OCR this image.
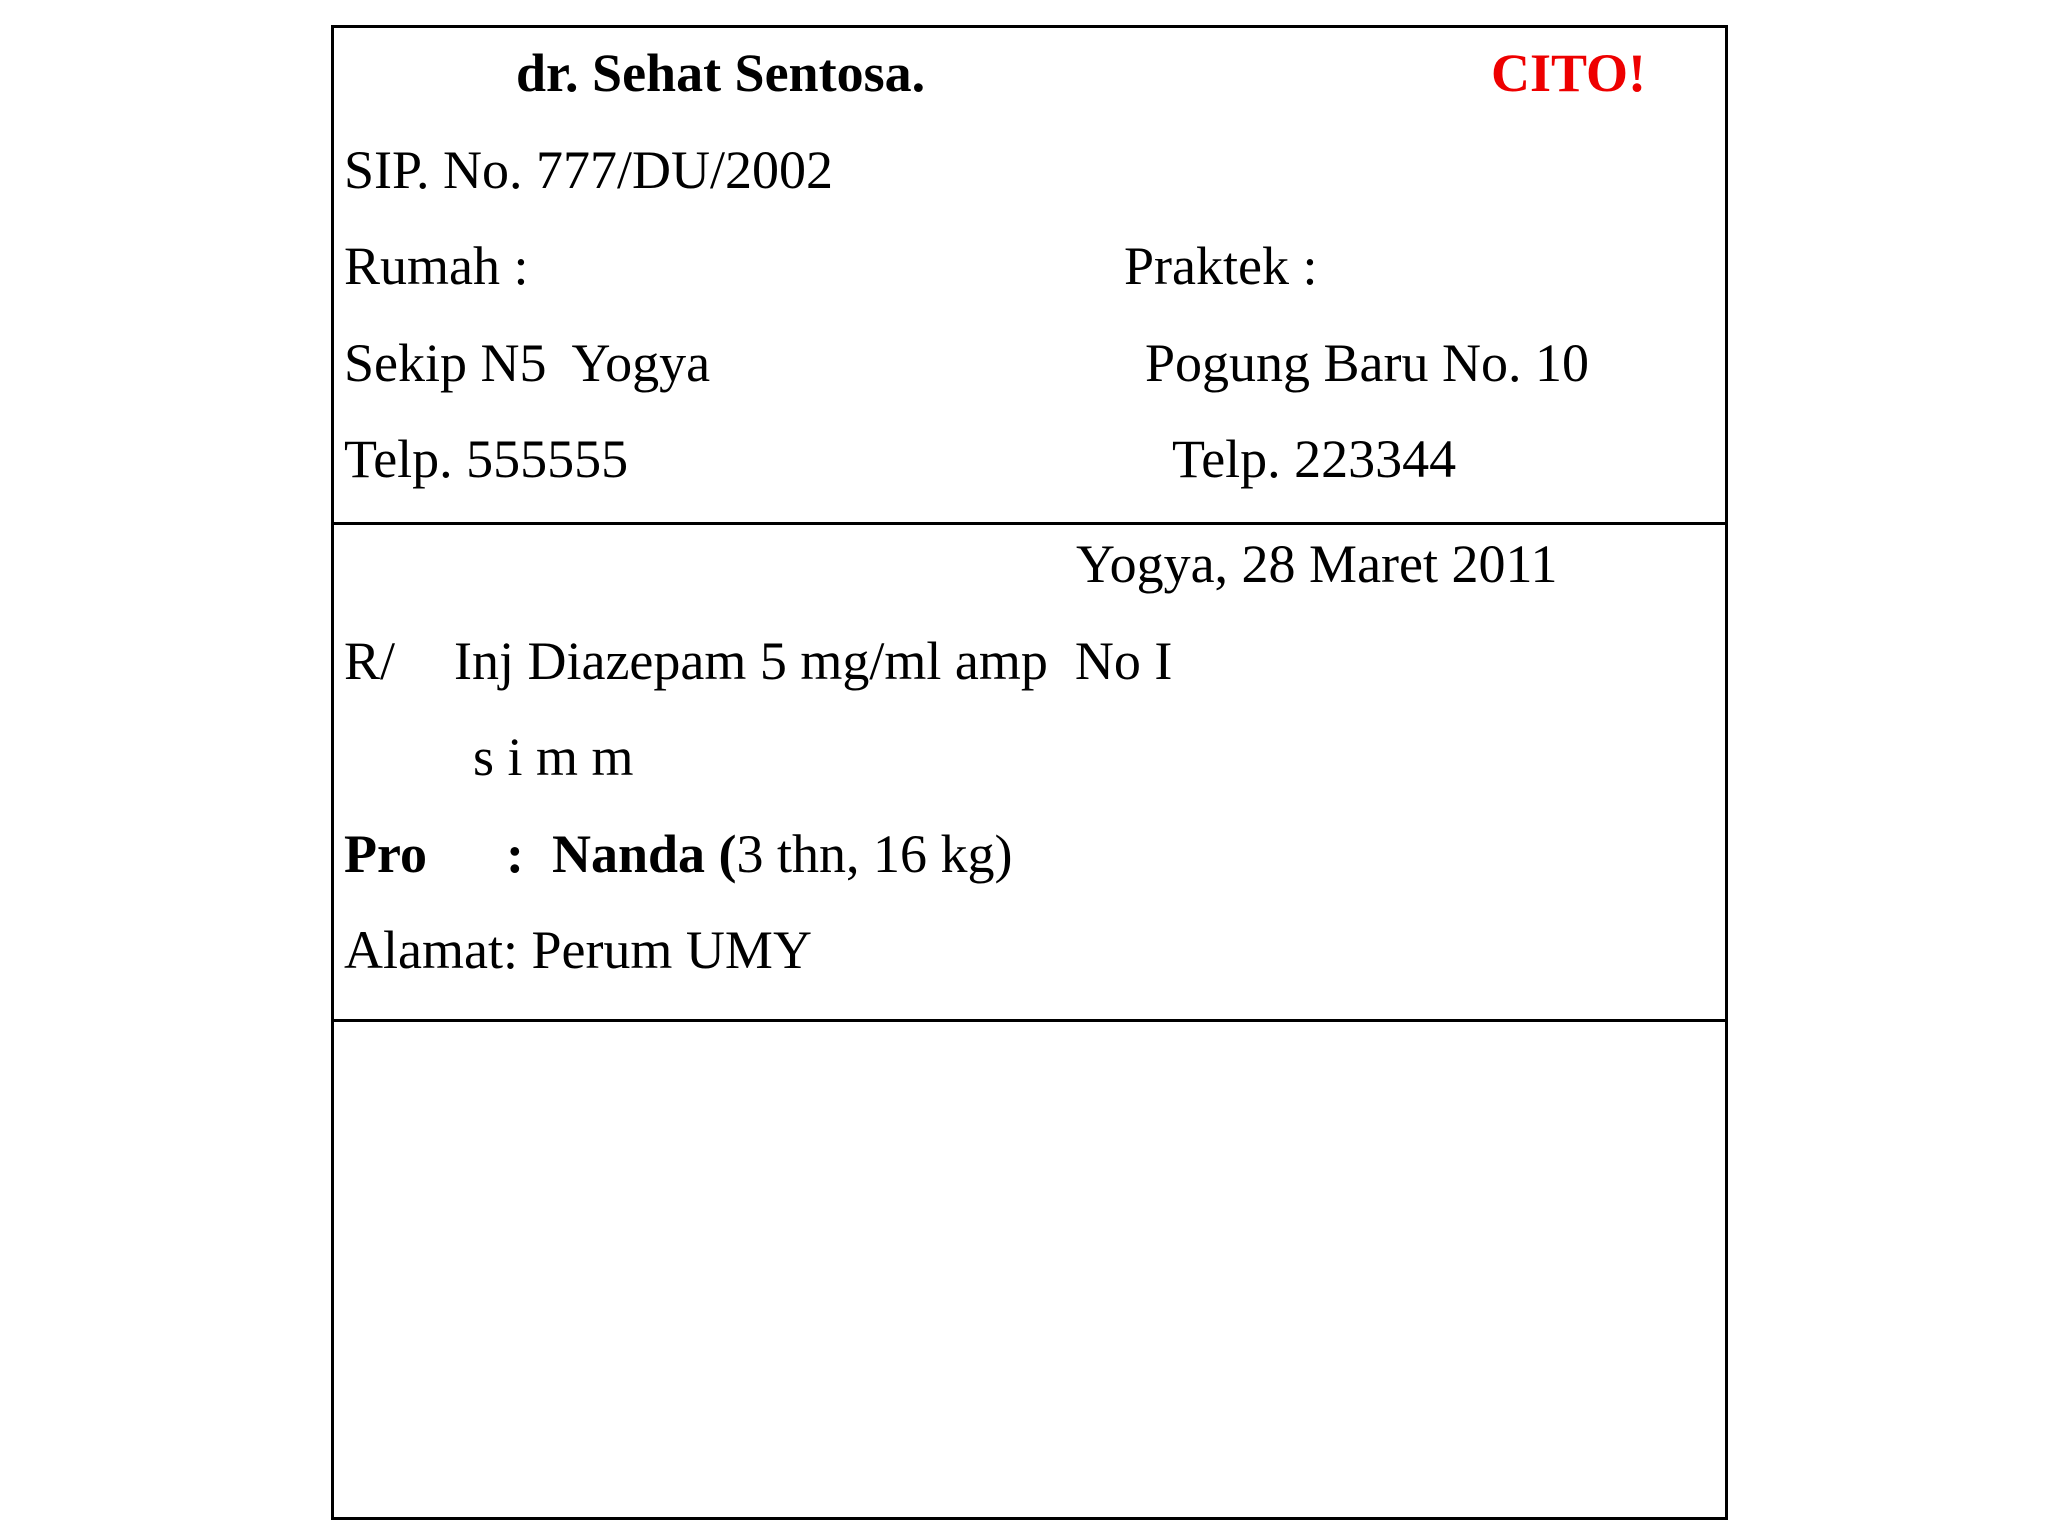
dr. Sehat Sentosa.	CITO!
SIP. No. 777/DU/2002
Rumah :	Praktek :
Sekip N5  Yogya	Pogung Baru No. 10
Telp. 555555	Telp. 223344
Yogya, 28 Maret 2011
R/ Inj Diazepam 5 mg/ml amp  No I
s i m m
Pro : Nanda (3 thn, 16 kg)
Alamat: Perum UMY
